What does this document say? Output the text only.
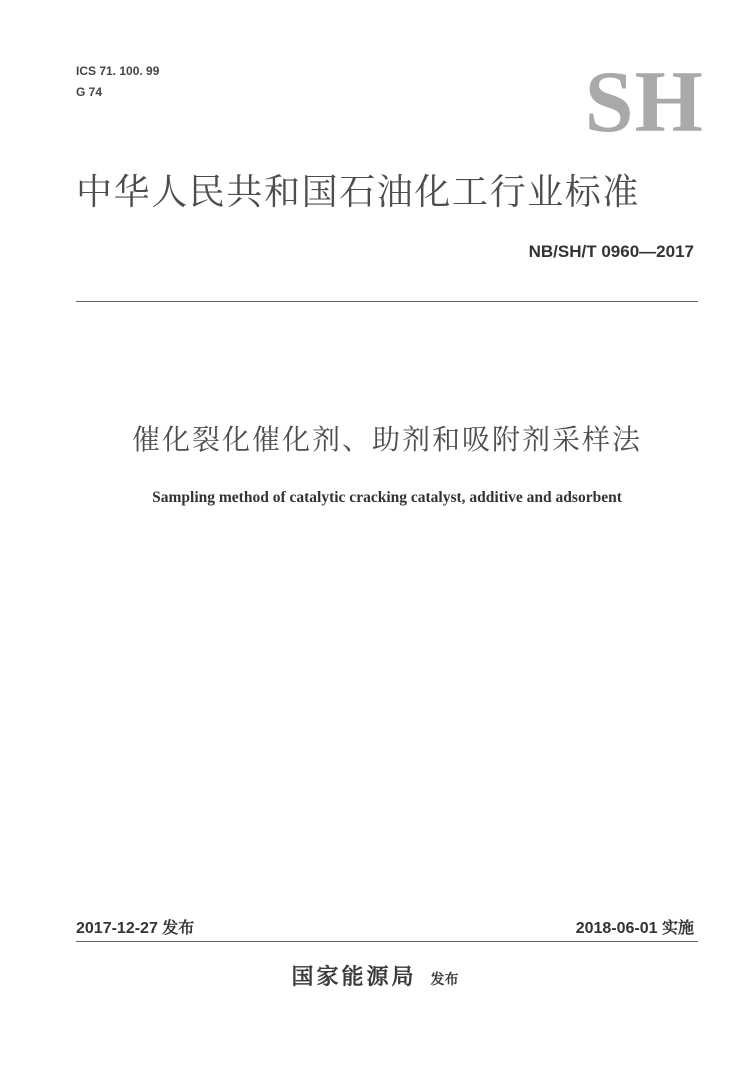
ICS 71. 100. 99
G 74	SH
中华人民共和国石油化工行业标准
NB/SH/T 0960—2017
催化裂化催化剂、助剂和吸附剂采样法
Sampling method of catalytic cracking catalyst, additive and adsorbent
2017-12-27 发布	2018-06-01 实施
国家能源局 发布
